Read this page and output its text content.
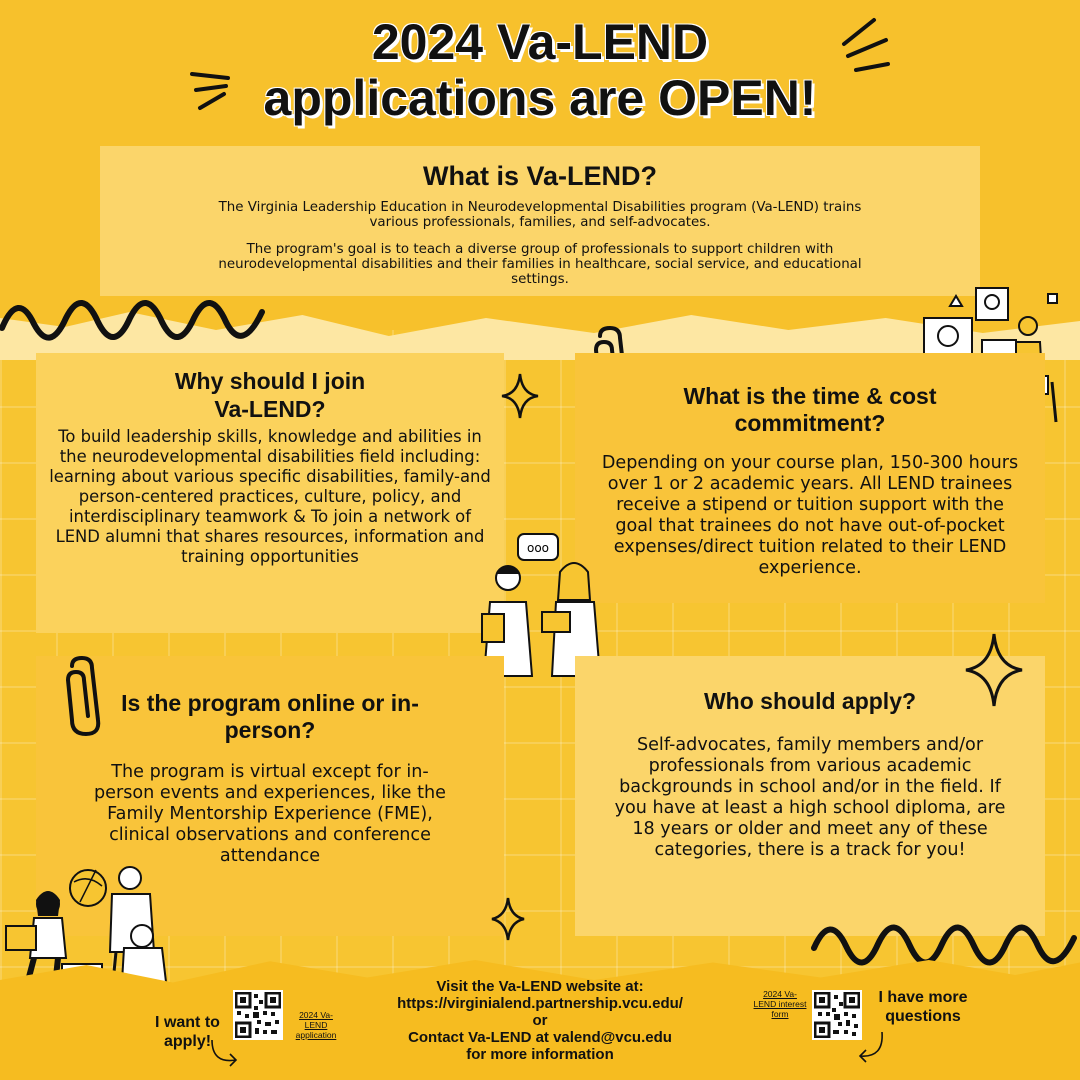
2024 Va-LEND
applications are OPEN!
What is Va-LEND?

The Virginia Leadership Education in Neurodevelopmental Disabilities program (Va-LEND) trains various professionals, families, and self-advocates.

The program's goal is to teach a diverse group of professionals to support children with neurodevelopmental disabilities and their families in healthcare, social service, and educational settings.

Why should I join Va-LEND?

To build leadership skills, knowledge and abilities in the neurodevelopmental disabilities field including: learning about various specific disabilities, family-and person-centered practices, culture, policy, and interdisciplinary teamwork & To join a network of LEND alumni that shares resources, information and training opportunities

What is the time & cost commitment?

Depending on your course plan, 150-300 hours over 1 or 2 academic years. All LEND trainees receive a stipend or tuition support with the goal that trainees do not have out-of-pocket expenses/direct tuition related to their LEND experience.

ooo
Is the program online or in-person?

The program is virtual except for in-person events and experiences, like the Family Mentorship Experience (FME), clinical observations and conference attendance

Who should apply?

Self-advocates, family members and/or professionals from various academic backgrounds in school and/or in the field. If you have at least a high school diploma, are 18 years or older and meet any of these categories, there is a track for you!

Visit the Va-LEND website at:
https://virginialend.partnership.vcu.edu/
or
Contact Va-LEND at valend@vcu.edu
for more information
I want to apply!
2024 Va-LEND application
2024 Va-LEND interest form
I have more questions
